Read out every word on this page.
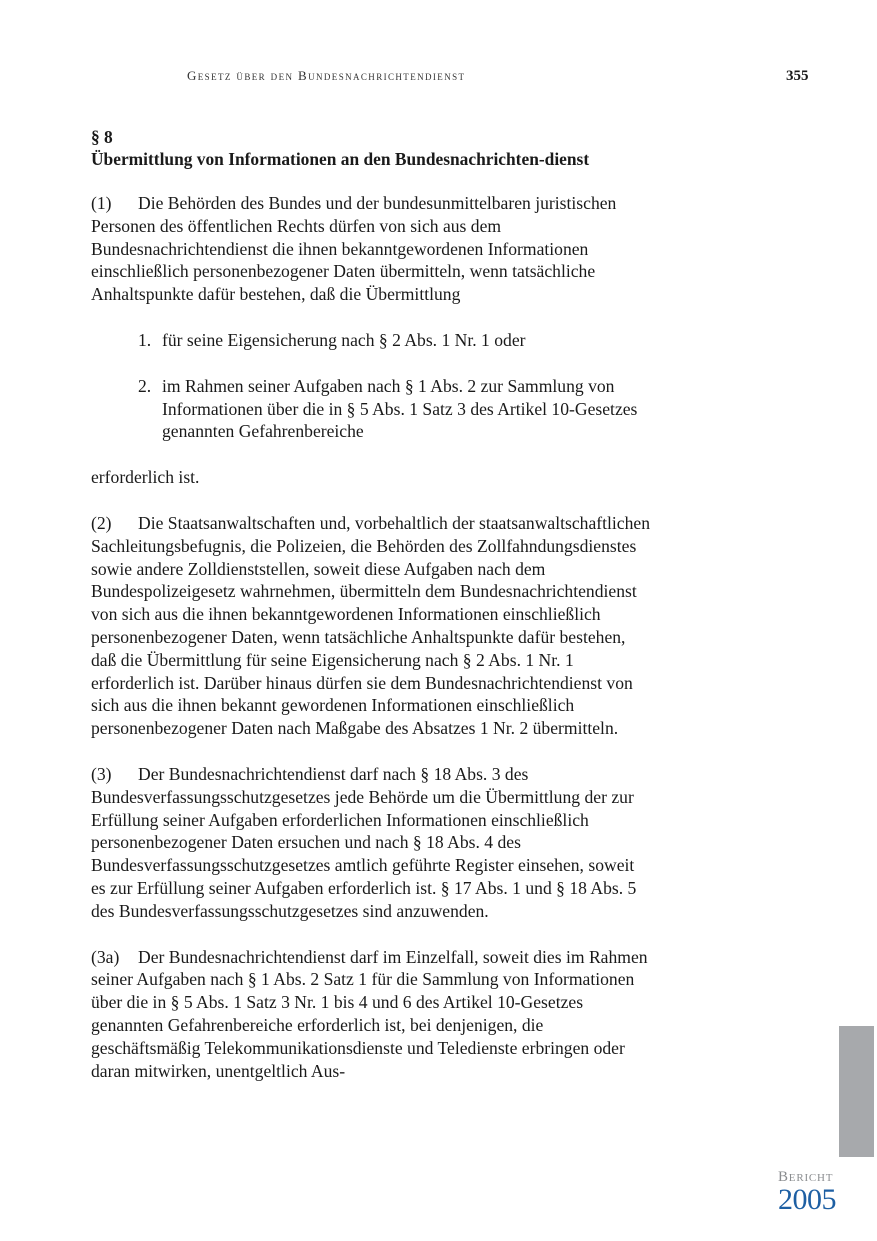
Gesetz über den Bundesnachrichtendienst	355
§ 8
Übermittlung von Informationen an den Bundesnachrichten-dienst

(1) Die Behörden des Bundes und der bundesunmittelbaren juristischen Personen des öffentlichen Rechts dürfen von sich aus dem Bundesnachrichtendienst die ihnen bekanntgewordenen Informationen einschließlich personenbezogener Daten übermitteln, wenn tatsächliche Anhaltspunkte dafür bestehen, daß die Übermittlung

1. für seine Eigensicherung nach § 2 Abs. 1 Nr. 1 oder
2. im Rahmen seiner Aufgaben nach § 1 Abs. 2 zur Sammlung von Informationen über die in § 5 Abs. 1 Satz 3 des Artikel 10-Gesetzes genannten Gefahrenbereiche

erforderlich ist.

(2) Die Staatsanwaltschaften und, vorbehaltlich der staatsanwaltschaftlichen Sachleitungsbefugnis, die Polizeien, die Behörden des Zollfahndungsdienstes sowie andere Zolldienststellen, soweit diese Aufgaben nach dem Bundespolizeigesetz wahrnehmen, übermitteln dem Bundesnachrichtendienst von sich aus die ihnen bekanntgewordenen Informationen einschließlich personenbezogener Daten, wenn tatsächliche Anhaltspunkte dafür bestehen, daß die Übermittlung für seine Eigensicherung nach § 2 Abs. 1 Nr. 1 erforderlich ist. Darüber hinaus dürfen sie dem Bundesnachrichtendienst von sich aus die ihnen bekannt gewordenen Informationen einschließlich personenbezogener Daten nach Maßgabe des Absatzes 1 Nr. 2 übermitteln.

(3) Der Bundesnachrichtendienst darf nach § 18 Abs. 3 des Bundesverfassungsschutzgesetzes jede Behörde um die Übermittlung der zur Erfüllung seiner Aufgaben erforderlichen Informationen einschließlich personenbezogener Daten ersuchen und nach § 18 Abs. 4 des Bundesverfassungsschutzgesetzes amtlich geführte Register einsehen, soweit es zur Erfüllung seiner Aufgaben erforderlich ist. § 17 Abs. 1 und § 18 Abs. 5 des Bundesverfassungsschutzgesetzes sind anzuwenden.

(3a) Der Bundesnachrichtendienst darf im Einzelfall, soweit dies im Rahmen seiner Aufgaben nach § 1 Abs. 2 Satz 1 für die Sammlung von Informationen über die in § 5 Abs. 1 Satz 3 Nr. 1 bis 4 und 6 des Artikel 10-Gesetzes genannten Gefahrenbereiche erforderlich ist, bei denjenigen, die geschäftsmäßig Telekommunikationsdienste und Teledienste erbringen oder daran mitwirken, unentgeltlich Aus-

Bericht
2005
